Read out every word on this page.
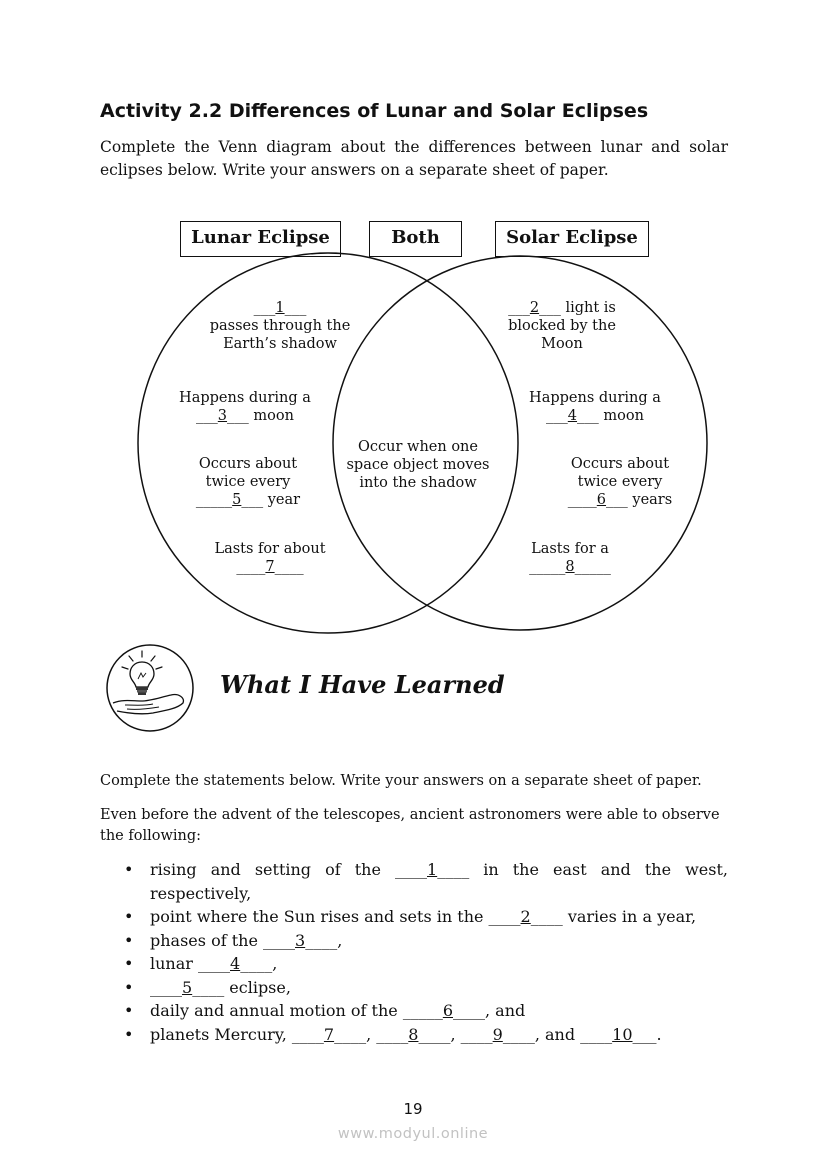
Activity 2.2 Differences of Lunar and Solar Eclipses
Complete the Venn diagram about the differences between lunar and solar eclipses below. Write your answers on a separate sheet of paper.
Lunar Eclipse	Both	Solar Eclipse
___1___
passes through the
Earth’s shadow
Happens during a
___3___ moon
Occurs about
twice every
_____5___ year
Lasts for about
____7____
Occur when one
space object moves
into the shadow
___2___ light is
blocked by the
Moon
Happens during a
___4___ moon
Occurs about
twice every
____6___ years
Lasts for a
_____8_____
What I Have Learned
Complete the statements below. Write your answers on a separate sheet of paper.
Even before the advent of the telescopes, ancient astronomers were able to observe the following:
• rising and setting of the ____1____ in the east and the west, respectively,
• point where the Sun rises and sets in the ____2____ varies in a year,
• phases of the ____3____,
• lunar ____4____,
• ____5____ eclipse,
• daily and annual motion of the _____6____, and
• planets Mercury, ____7____, ____8____, ____9____, and ____10___.
19
www.modyul.online
